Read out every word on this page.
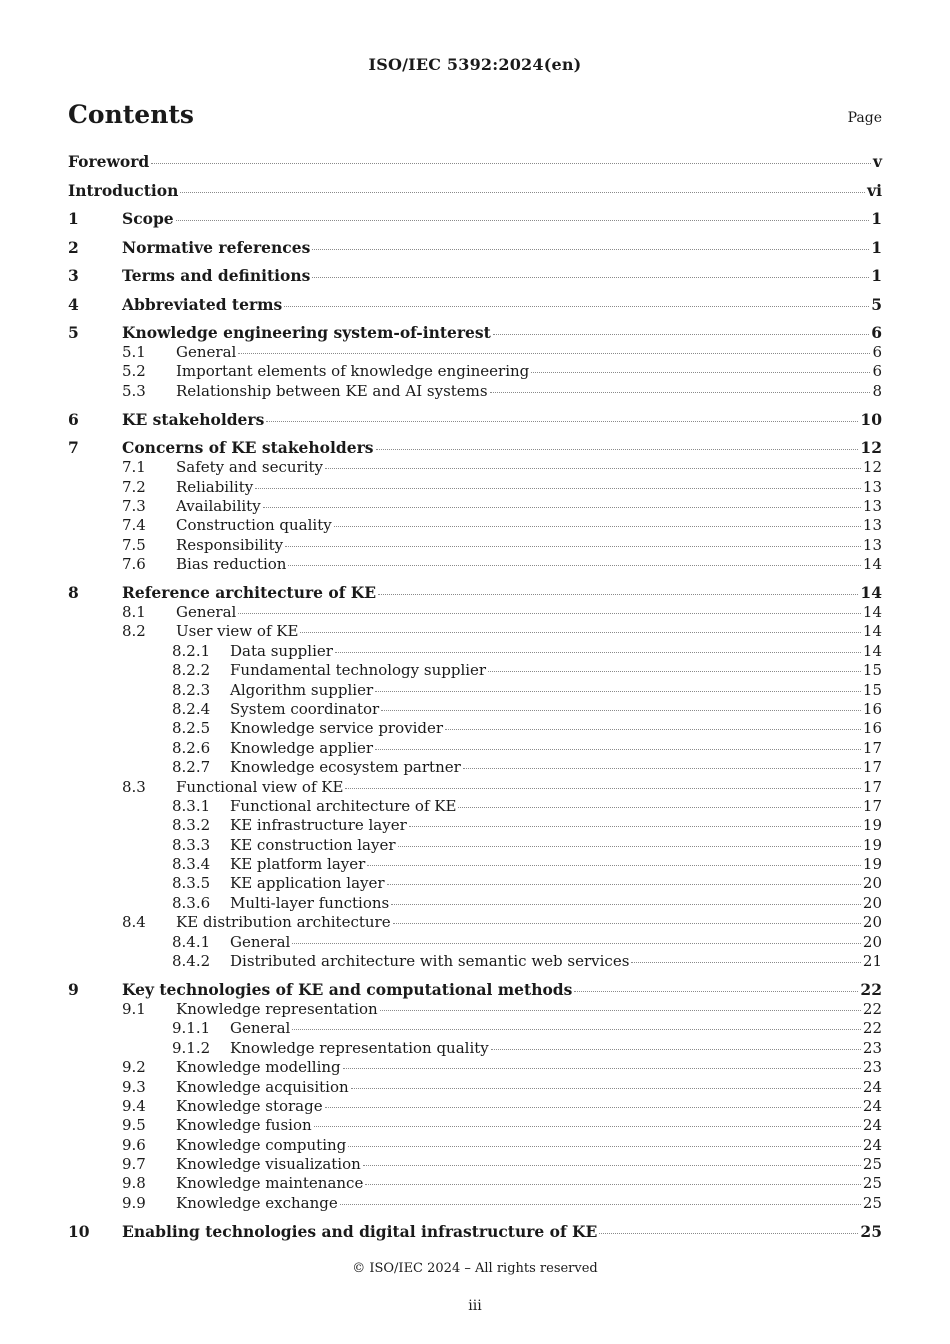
ISO/IEC 5392:2024(en)
Contents	Page
Foreword	v
Introduction	vi
1	Scope	1
2	Normative references	1
3	Terms and definitions	1
4	Abbreviated terms	5
5	Knowledge engineering system-of-interest	6
5.1	General	6
5.2	Important elements of knowledge engineering	6
5.3	Relationship between KE and AI systems	8
6	KE stakeholders	10
7	Concerns of KE stakeholders	12
7.1	Safety and security	12
7.2	Reliability	13
7.3	Availability	13
7.4	Construction quality	13
7.5	Responsibility	13
7.6	Bias reduction	14
8	Reference architecture of KE	14
8.1	General	14
8.2	User view of KE	14
8.2.1	Data supplier	14
8.2.2	Fundamental technology supplier	15
8.2.3	Algorithm supplier	15
8.2.4	System coordinator	16
8.2.5	Knowledge service provider	16
8.2.6	Knowledge applier	17
8.2.7	Knowledge ecosystem partner	17
8.3	Functional view of KE	17
8.3.1	Functional architecture of KE	17
8.3.2	KE infrastructure layer	19
8.3.3	KE construction layer	19
8.3.4	KE platform layer	19
8.3.5	KE application layer	20
8.3.6	Multi-layer functions	20
8.4	KE distribution architecture	20
8.4.1	General	20
8.4.2	Distributed architecture with semantic web services	21
9	Key technologies of KE and computational methods	22
9.1	Knowledge representation	22
9.1.1	General	22
9.1.2	Knowledge representation quality	23
9.2	Knowledge modelling	23
9.3	Knowledge acquisition	24
9.4	Knowledge storage	24
9.5	Knowledge fusion	24
9.6	Knowledge computing	24
9.7	Knowledge visualization	25
9.8	Knowledge maintenance	25
9.9	Knowledge exchange	25
10	Enabling technologies and digital infrastructure of KE	25
© ISO/IEC 2024 – All rights reserved
iii
